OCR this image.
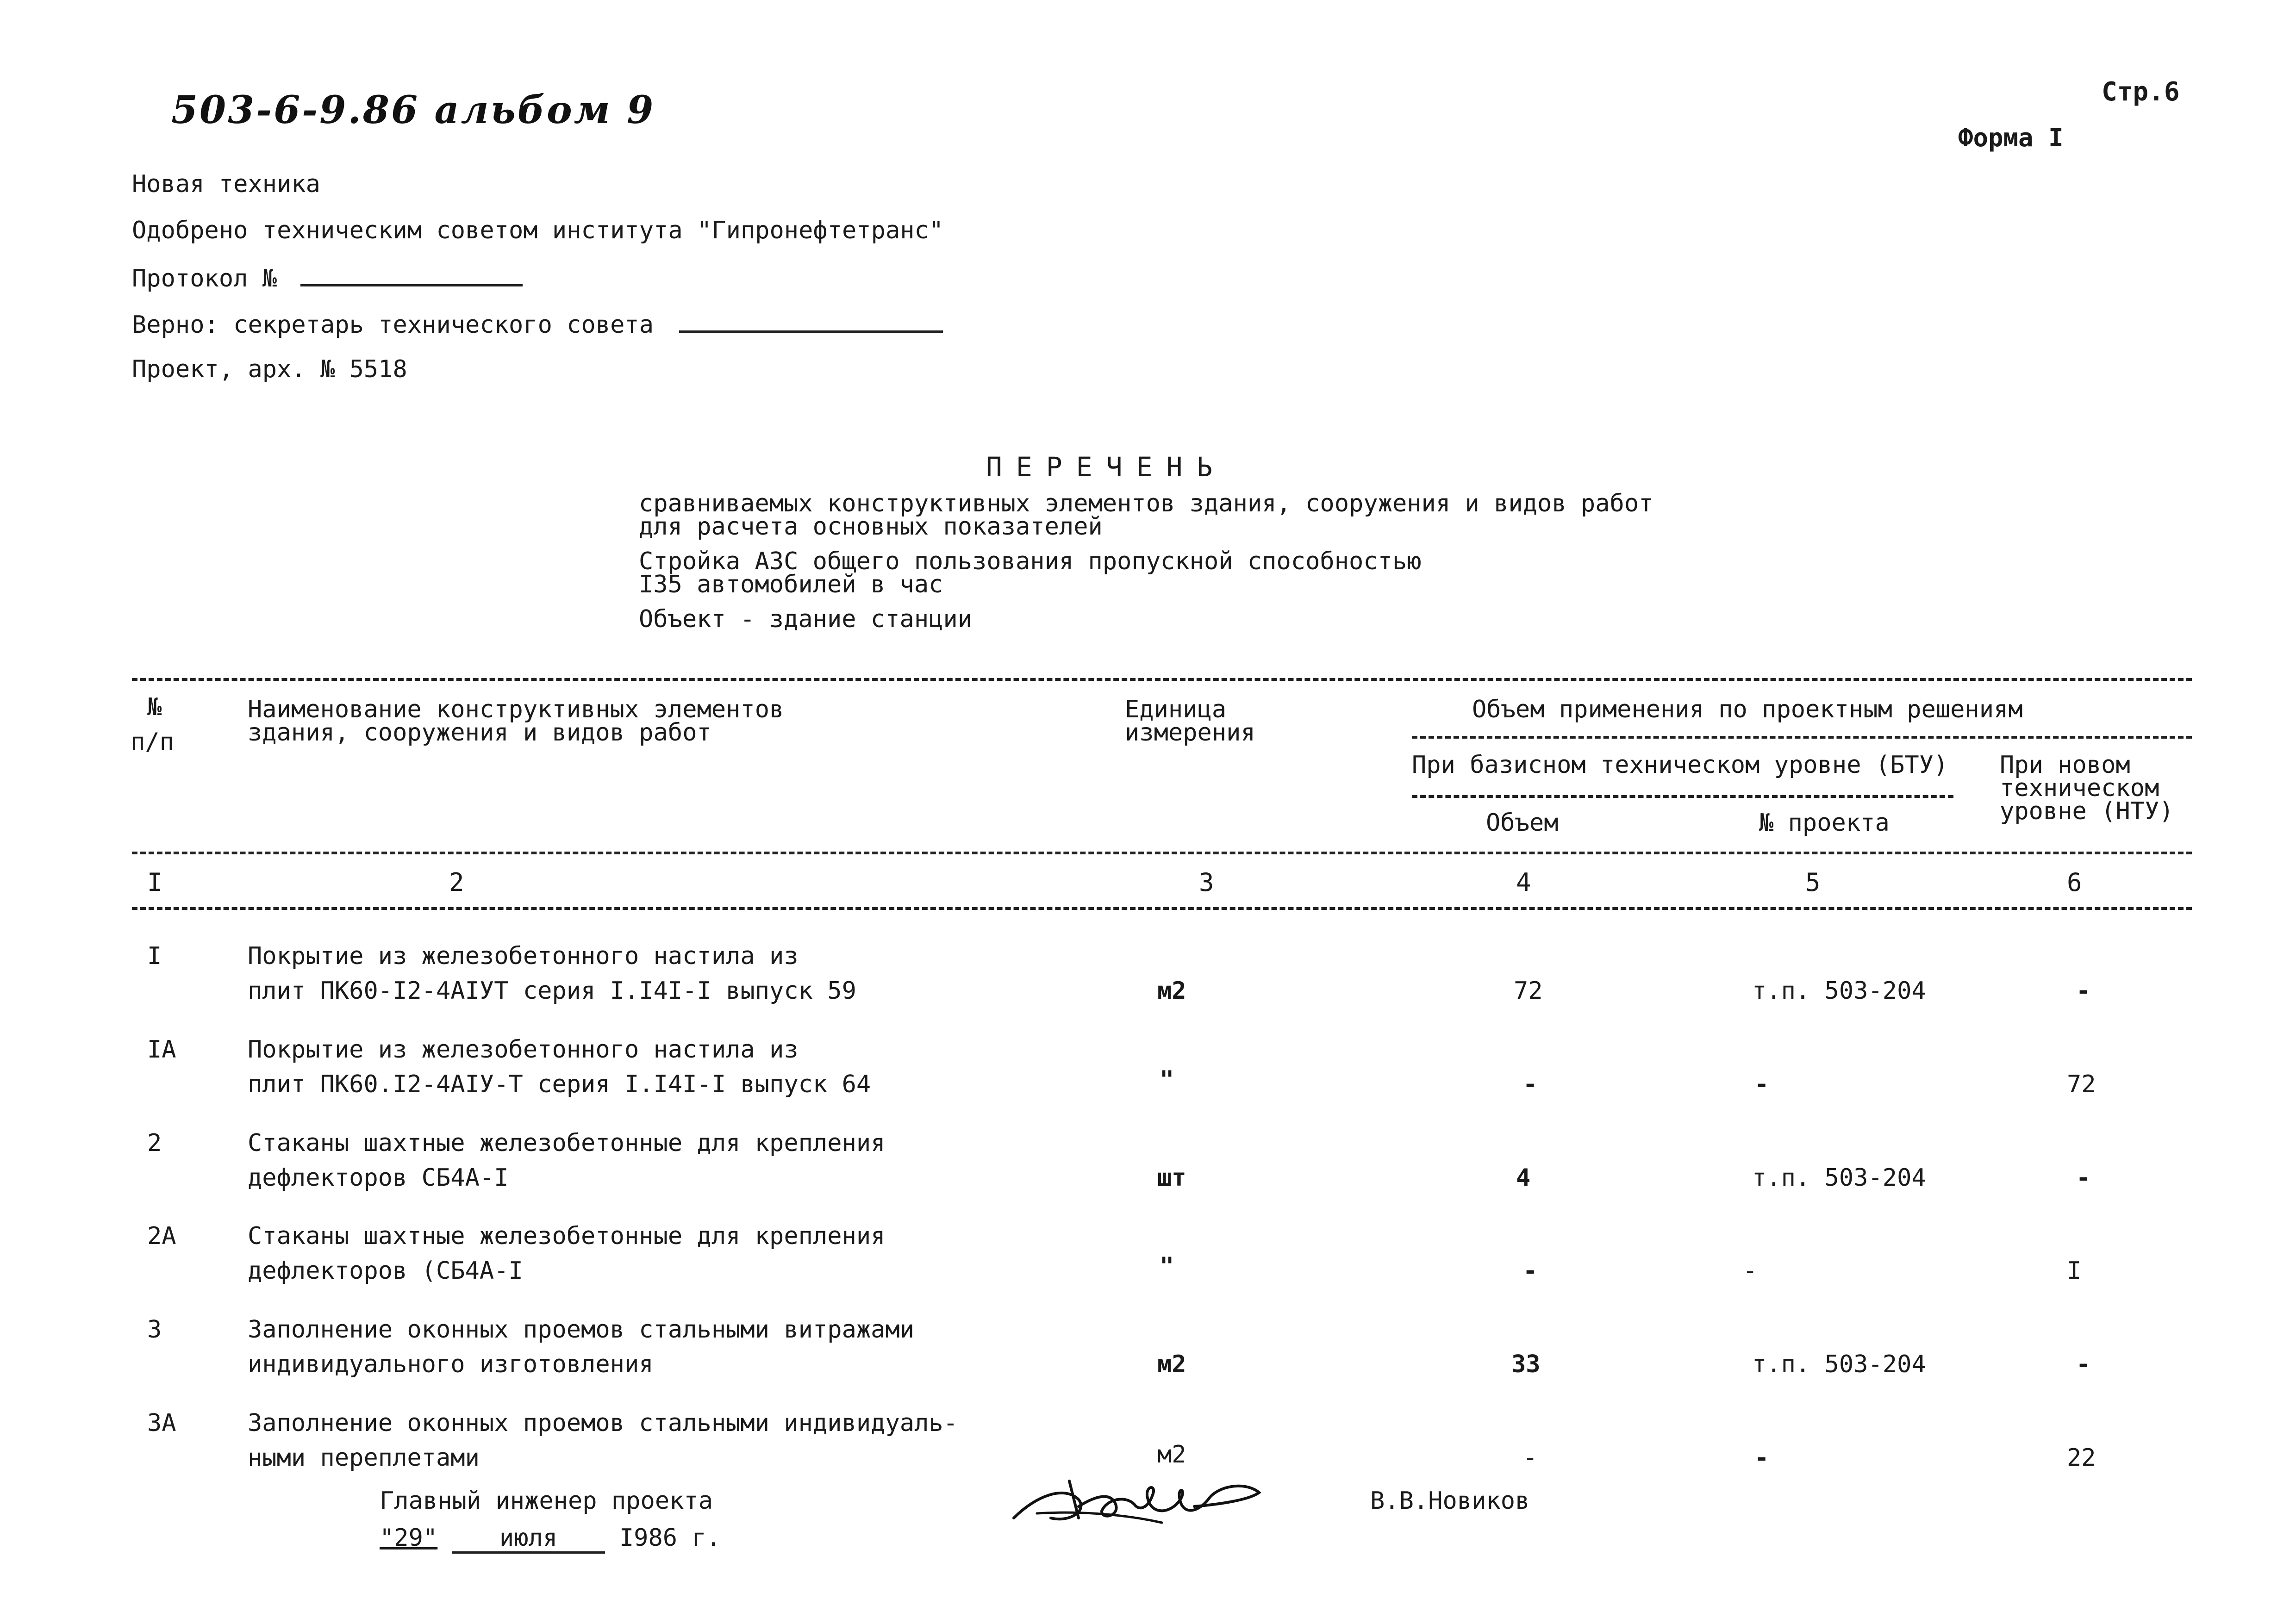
503-6-9.86 альбом 9	Стр.6
Форма I
Новая техника
Одобрено техническим советом института "Гипронефтетранс"
Протокол №
Верно: секретарь технического совета
Проект, арх. № 5518
ПЕРЕЧЕНЬ
сравниваемых конструктивных элементов здания, сооружения и видов работ
для расчета основных показателей
Стройка АЗС общего пользования пропускной способностью
I35 автомобилей в час
Объект - здание станции
№
п/п
Наименование конструктивных элементов
здания, сооружения и видов работ
Единица
измерения
Объем применения по проектным решениям
При базисном техническом уровне (БТУ) При новом
техническом
уровне (НТУ)
Объем	№ проекта
I	2	3	4	5	6
I	Покрытие из железобетонного настила из
плит ПК60-I2-4АIУТ серия I.I4I-I выпуск 59	м2	72	т.п. 503-204	-
IА	Покрытие из железобетонного настила из
плит ПК60.I2-4АIУ-Т серия I.I4I-I выпуск 64	"	-	-	72
2	Стаканы шахтные железобетонные для крепления
дефлекторов СБ4А-I	шт	4	т.п. 503-204	-
2А	Стаканы шахтные железобетонные для крепления
дефлекторов (СБ4А-I	"	-	-	I
3	Заполнение оконных проемов стальными витражами
индивидуального изготовления	м2	33	т.п. 503-204	-
3А	Заполнение оконных проемов стальными индивидуаль-
ными переплетами	м2	-	-	22
Главный инженер проекта
"29"	июля	I986 г.
В.В.Новиков
